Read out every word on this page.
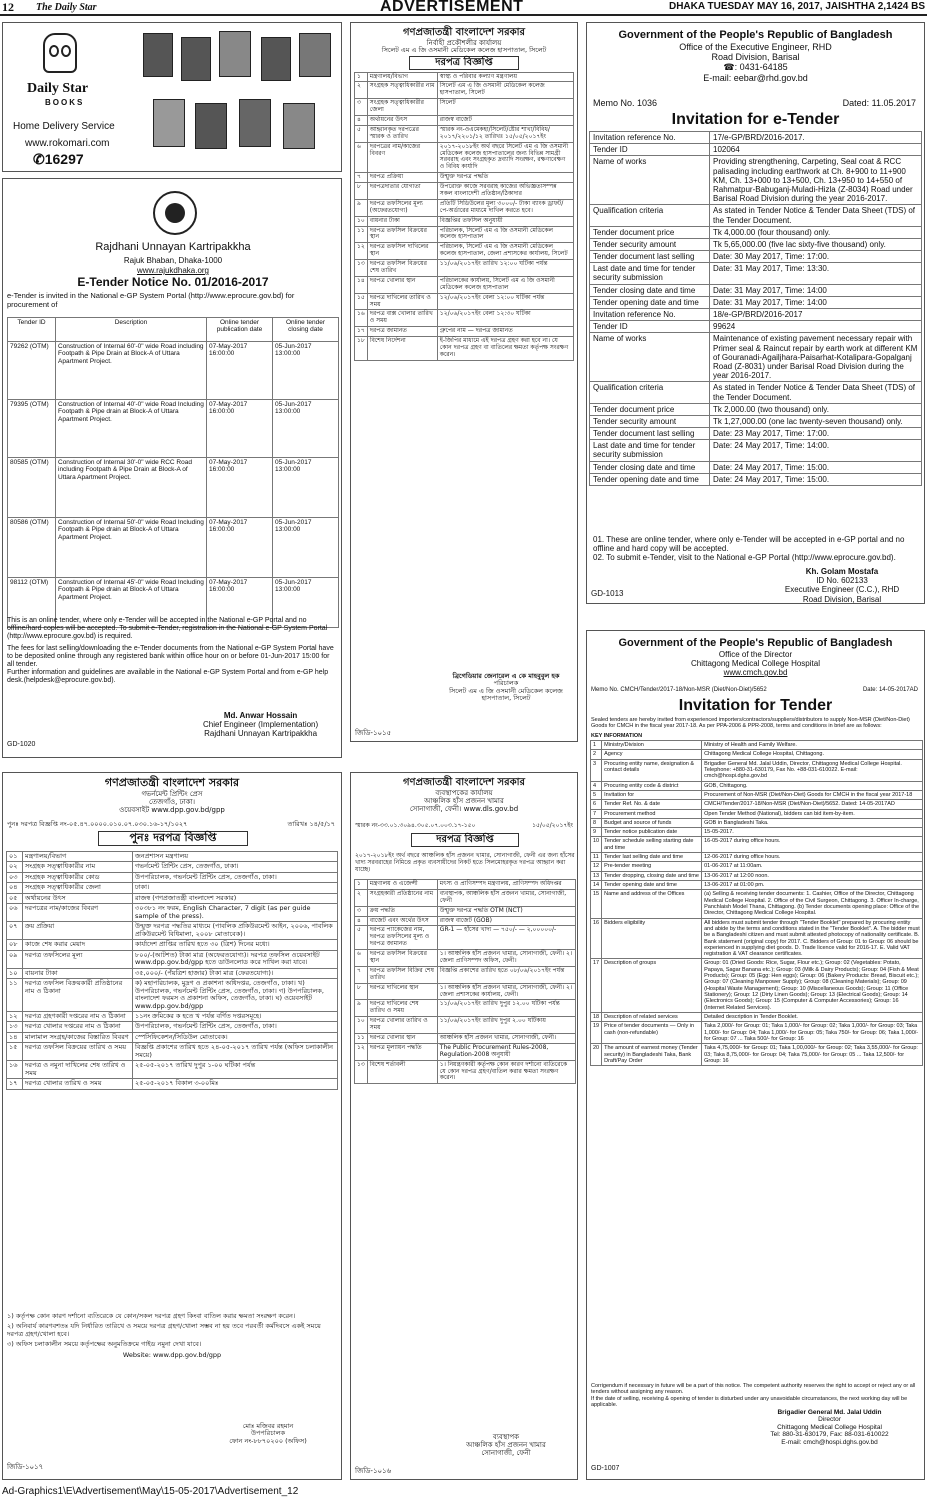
12 The Daily Star	ADVERTISEMENT	DHAKA TUESDAY MAY 16, 2017, JAISHTHA 2,1424 BS
Daily Star
BOOKS
Home Delivery Service
www.rokomari.com
✆16297
Rajdhani Unnayan Kartripakkha
Rajuk Bhaban, Dhaka-1000
www.rajukdhaka.org
E-Tender Notice No. 01/2016-2017
e-Tender is invited in the National e-GP System Portal (http://www.eprocure.gov.bd) for procurement of
Tender ID	Description	Online tender publication date	Online tender closing date
79262 (OTM)	Construction of Internal 60'-0" wide Road including Footpath & Pipe Drain at Block-A of Uttara Apartment Project.	07-May-2017 16:00:00	05-Jun-2017 13:00:00
79395 (OTM)	Construction of Internal 40'-0" wide Road Including Footpath & Pipe drain at Block-A of Uttara Apartment Project.	07-May-2017 16:00:00	05-Jun-2017 13:00:00
80585 (OTM)	Construction of Internal 30'-0" wide RCC Road including Footpath & Pipe Drain at Block-A of Uttara Apartment Project.	07-May-2017 16:00:00	05-Jun-2017 13:00:00
80586 (OTM)	Construction of Internal 50'-0" wide Road Including Footpath & Pipe drain at Block-A of Uttara Apartment Project.	07-May-2017 16:00:00	05-Jun-2017 13:00:00
98112 (OTM)	Construction of Internal 45'-0" wide Road Including Footpath & Pipe drain at Block-A of Uttara Apartment Project.	07-May-2017 16:00:00	05-Jun-2017 13:00:00

This is an online tender, where only e-Tender will be accepted in the National e-GP Portal and no offline/hard copies will be accepted. To submit e-Tender, registration in the National e-GP System Portal (http://www.eprocure.gov.bd) is required.

The fees for last selling/downloading the e-Tender documents from the National e-GP System Portal have to be deposited online through any registered bank within office hour on or before 01-Jun-2017 15:00 for all tender.

Further information and guidelines are available in the National e-GP System Portal and from e-GP help desk.(helpdesk@eprocure.gov.bd).

Md. Anwar Hossain
Chief Engineer (Implementation)
Rajdhani Unnayan Kartripakkha
GD-1020
গণপ্রজাতন্ত্রী বাংলাদেশ সরকার
নির্বাহী প্রকৌশলীর কার্যালয়
সিলেট এম এ জি ওসমানী মেডিকেল কলেজ হাসপাতাল, সিলেট
দরপত্র বিজ্ঞপ্তি
১	মন্ত্রণালয়/বিভাগ	স্বাস্থ্য ও পরিবার কল্যাণ মন্ত্রণালয়
২	সংগ্রহক সত্ত্বাধিকারীর নাম	সিলেট এম এ জি ওসমানী মেডিকেল কলেজ হাসপাতাল, সিলেট
৩	সংগ্রহক সত্ত্বাধিকারীর জেলা	সিলেট
৪	অর্থায়নের উৎস	রাজস্ব বাজেট
৫	আহ্বানকৃত দরপত্রের স্মারক ও তারিখ	স্মারক নং-ওএমেকহা/সিলেট/ষ্টোর শাখা/বিবিধ/২০১৭/২২০১/১২ তারিখঃ ১৫/০৫/২০১৭ইং
৬	দরপত্রের নাম/কাজের বিবরণ	২০১৭-২০১৮ইং অর্থ বছরে সিলেট এম এ জি ওসমানী মেডিকেল কলেজ হাসপাতালের জন্য বিভিন্ন সামগ্রী সরবরাহ এবং সংগ্রহকৃত দ্রব্যাদি সংরক্ষণ, রক্ষণাবেক্ষণ ও বিবিধ কার্যাদি
৭	দরপত্র প্রক্রিয়া	উন্মুক্ত দরপত্র পদ্ধতি
৮	দরপত্রদাতার যোগ্যতা	উপরোক্ত কাজে সরবরাহ কাজের অভিজ্ঞতাসম্পন্ন সকল বাংলাদেশী প্রতিষ্ঠান/ঠিকাদার
৯	দরপত্র তফসিলের মূল্য (অফেরতযোগ্য)	প্রতিটি সিডিউলের মূল্য ৩০০০/- টাকা ব্যাংক ড্রাফট/পে-অর্ডারের মাধ্যমে দাখিল করতে হবে।
১০	বায়নার টাকা	বিজ্ঞপ্তির তফসিল অনুযায়ী
১১	দরপত্র তফসিল বিক্রয়ের স্থান	পরিচালক, সিলেট এম এ জি ওসমানী মেডিকেল কলেজ হাসপাতাল
১২	দরপত্র তফসিল দাখিলের স্থান	পরিচালক, সিলেট এম এ জি ওসমানী মেডিকেল কলেজ হাসপাতাল, জেলা প্রশাসকের কার্যালয়, সিলেট
১৩	দরপত্র তফসিল বিক্রয়ের শেষ তারিখ	১১/০৬/২০১৭ইং তারিখ ১২:০০ ঘটিকা পর্যন্ত
১৪	দরপত্র খোলার স্থান	পরিচালকের কার্যালয়, সিলেট এম এ জি ওসমানী মেডিকেল কলেজ হাসপাতাল
১৫	দরপত্র দাখিলের তারিখ ও সময়	১২/০৬/২০১৭ইং বেলা ১২:০০ ঘটিকা পর্যন্ত
১৬	দরপত্র বাক্স খোলার তারিখ ও সময়	১২/০৬/২০১৭ইং বেলা ১২:৩০ ঘটিকা
১৭	দরপত্র জামানত	গ্রুপের নাম — দরপত্র জামানত
১৮	বিশেষ নির্দেশনা	ই-জিপির মাধ্যমে এই দরপত্র গ্রহণ করা হবে না। যে কোন দরপত্র গ্রহণ বা বাতিলের ক্ষমতা কর্তৃপক্ষ সংরক্ষণ করেন।
ব্রিগেডিয়ার জেনারেল এ কে মাহবুবুল হক
পরিচালক
সিলেট এম এ জি ওসমানী মেডিকেল কলেজ হাসপাতাল, সিলেট
জিডি-১০১৫
Government of the People's Republic of Bangladesh
Office of the Executive Engineer, RHD
Road Division, Barisal
☎: 0431-64185
E-mail: eebar@rhd.gov.bd
Memo No. 1036	Dated: 11.05.2017
Invitation for e-Tender
Invitation reference No.	17/e-GP/BRD/2016-2017.
Tender ID	102064
Name of works	Providing strengthening, Carpeting, Seal coat & RCC palisading including earthwork at Ch. 8+900 to 11+900 KM, Ch. 13+000 to 13+500, Ch. 13+950 to 14+550 of Rahmatpur-Babuganj-Muladi-Hizla (Z-8034) Road under Barisal Road Division during the year 2016-2017.
Qualification criteria	As stated in Tender Notice & Tender Data Sheet (TDS) of the Tender Document.
Tender document price	Tk 4,000.00 (four thousand) only.
Tender security amount	Tk 5,65,000.00 (five lac sixty-five thousand) only.
Tender document last selling	Date: 30 May 2017, Time: 17:00.
Last date and time for tender security submission	Date: 31 May 2017, Time: 13:30.
Tender closing date and time	Date: 31 May 2017, Time: 14:00
Tender opening date and time	Date: 31 May 2017, Time: 14:00
Invitation reference No.	18/e-GP/BRD/2016-2017
Tender ID	99624
Name of works	Maintenance of existing pavement necessary repair with Primer seal & Raincut repair by earth work at different KM of Gouranadi-Agailjhara-Paisarhat-Kotalipara-Gopalganj Road (Z-8031) under Barisal Road Division during the year 2016-2017.
Qualification criteria	As stated in Tender Notice & Tender Data Sheet (TDS) of the Tender Document.
Tender document price	Tk 2,000.00 (two thousand) only.
Tender security amount	Tk 1,27,000.00 (one lac twenty-seven thousand) only.
Tender document last selling	Date: 23 May 2017, Time: 17:00.
Last date and time for tender security submission	Date: 24 May 2017, Time: 14:00.
Tender closing date and time	Date: 24 May 2017, Time: 15:00.
Tender opening date and time	Date: 24 May 2017, Time: 15:00.

01. These are online tender, where only e-Tender will be accepted in e-GP portal and no offline and hard copy will be accepted.

02. To submit e-Tender, visit to the National e-GP Portal (http://www.eprocure.gov.bd).

Kh. Golam Mostafa
ID No. 602133
Executive Engineer (C.C.), RHD
Road Division, Barisal
GD-1013
গণপ্রজাতন্ত্রী বাংলাদেশ সরকার
গভর্নমেন্ট প্রিন্টিং প্রেস
তেজগাঁও, ঢাকা।
ওয়েবসাইট www.dpp.gov.bd/gpp
পুনঃ দরপত্র বিজ্ঞপ্তি নং-০৫.৪৭.০০০০.০১০.০৭.০৩০.১৬-১৭/১০২৭	তারিখঃ ১৪/৫/১৭
পুনঃ দরপত্র বিজ্ঞপ্তি
০১	মন্ত্রণালয়/বিভাগ	জনপ্রশাসন মন্ত্রণালয়
০২	সংগ্রহক সত্ত্বাধিকারীর নাম	গভর্নমেন্ট প্রিন্টিং প্রেস, তেজগাঁও, ঢাকা।
০৩	সংগ্রহক সত্ত্বাধিকারীর কোড	উপপরিচালক, গভর্নমেন্ট প্রিন্টিং প্রেস, তেজগাঁও, ঢাকা।
০৪	সংগ্রহক সত্ত্বাধিকারীর জেলা	ঢাকা।
০৫	অর্থায়নের উৎস	রাজস্ব (গণপ্রজাতন্ত্রী বাংলাদেশ সরকার)
০৬	দরপত্রের নাম/কাজের বিবরণ	৩০৩৮১ নং ফরম, English Character, 7 digit (as per guide sample of the press).
০৭	ক্রয় প্রক্রিয়া	উন্মুক্ত দরপত্র পদ্ধতির মাধ্যমে (পাবলিক প্রকিউরমেন্ট আইন, ২০০৬, পাবলিক প্রকিউরমেন্ট বিধিমালা, ২০০৮ মোতাবেক)।
০৮	কাজে শেষ করার মেয়াদ	কার্যাদেশ প্রাপ্তির তারিখ হতে ৩০ (ত্রিশ) দিনের মধ্যে।
০৯	দরপত্র তফসিলের মূল্য	৮০০/-(আটশত) টাকা মাত্র (অফেরতযোগ্য)। দরপত্র তফসিল ওয়েবসাইট www.dpp.gov.bd/gpp হতে ডাউনলোড করে দাখিল করা যাবে।
১০	বায়নার টাকা	৩৫,০০০/- (পঁয়ত্রিশ হাজার) টাকা মাত্র (ফেরতযোগ্য)।
১১	দরপত্র তফসিল বিক্রয়কারী প্রতিষ্ঠানের নাম ও ঠিকানা	ক) মহাপরিচালক, মুদ্রণ ও প্রকাশনা অধিদপ্তর, তেজগাঁও, ঢাকা। খ) উপপরিচালক, গভর্নমেন্ট প্রিন্টিং প্রেস, তেজগাঁও, ঢাকা। গ) উপপরিচালক, বাংলাদেশ ফরমস ও প্রকাশনা অফিস, তেজগাঁও, ঢাকা। ঘ) ওয়েবসাইট www.dpp.gov.bd/gpp
১২	দরপত্র গ্রহণকারী দপ্তরের নাম ও ঠিকানা	১১নং ক্রমিকের ক হতে খ পর্যন্ত বর্ণিত দপ্তরসমূহে।
১৩	দরপত্র খোলার দপ্তরের নাম ও ঠিকানা	উপপরিচালক, গভর্নমেন্ট প্রিন্টিং প্রেস, তেজগাঁও, ঢাকা।
১৪	মালামাল সংগ্রহ/কাজের বিস্তারিত বিবরণ	স্পেসিফিকেশন/সিডিউল মোতাবেক।
১৫	দরপত্র তফসিল বিক্রয়ের তারিখ ও সময়	বিজ্ঞপ্তি প্রকাশের তারিখ হতে ২৪-০৫-২০১৭ তারিখ পর্যন্ত (অফিস চলাকালীন সময়ে)
১৬	দরপত্র ও নমুনা দাখিলের শেষ তারিখ ও সময়	২৫-০৫-২০১৭ তারিখ দুপুর ১-০০ ঘটিকা পর্যন্ত
১৭	দরপত্র খোলার তারিখ ও সময়	২৫-০৫-২০১৭ বিকাল ৩-০০মিঃ

১) কর্তৃপক্ষ কোন কারণ দর্শানো ব্যতিরেকে যে কোন/সকল দরপত্র গ্রহণ কিংবা বাতিল করার ক্ষমতা সংরক্ষণ করেন।

২) অনিবার্য কারণবশতঃ যদি নির্ধারিত তারিখে ও সময়ে দরপত্র গ্রহণ/খোলা সম্ভব না হয় তবে পরবর্তী কর্মদিবসে একই সময়ে দরপত্র গ্রহণ/খোলা হবে।

৩) অফিস চলাকালীন সময়ে কর্তৃপক্ষের অনুমতিক্রমে গাইড নমুনা দেখা যাবে।

Website: www.dpp.gov.bd/gpp

মোঃ মজিবর রহমান
উপপরিচালক
ফোন নং-৮৮৭০২০০ (অফিস)
জিডি-১০১৭
গণপ্রজাতন্ত্রী বাংলাদেশ সরকার
ব্যবস্থাপকের কার্যালয়
আঞ্চলিক হাঁস প্রজনন খামার
সোনাগাজী, ফেনী। www.dls.gov.bd
স্মারক নং-৩৩.০১.৩০৯৪.৩০৫.০৭.০০৩.১৭-১৫০	১৫/০৫/২০১৭ইং
দরপত্র বিজ্ঞপ্তি
২০১৭-২০১৮ইং অর্থ বছরে আঞ্চলিক হাঁস প্রজনন খামার, সোনাগাজী, ফেনী এর জন্য হাঁসের খাদ্য সরবরাহের নিমিত্তে প্রকৃত ব্যবসায়ীদের নিকট হতে সিলমোহরকৃত দরপত্র আহ্বান করা যাচ্ছে।
১	মন্ত্রণালয় ও এজেন্সী	মৎস্য ও প্রাণিসম্পদ মন্ত্রণালয়, প্রাণিসম্পদ অধিদপ্তর
২	সংগ্রহকারী প্রতিষ্ঠানের নাম	ব্যবস্থাপক, আঞ্চলিক হাঁস প্রজনন খামার, সোনাগাজী, ফেনী
৩	ক্রয় পদ্ধতি	উন্মুক্ত দরপত্র পদ্ধতি OTM (NCT)
৪	বাজেট এবং অর্থের উৎস	রাজস্ব বাজেট (GOB)
৫	দরপত্র প্যাকেজের নাম, দরপত্র তফসিলের মূল্য ও দরপত্র জামানত	GR-1 — হাঁসের খাদ্য — ৭৫০/- — ২,০০০০০/-
৬	দরপত্র তফসিল বিক্রয়ের স্থান	১। আঞ্চলিক হাঁস প্রজনন খামার, সোনাগাজী, ফেনী। ২। জেলা প্রাণিসম্পদ অফিস, ফেনী।
৭	দরপত্র তফসিল বিক্রির শেষ তারিখ	বিজ্ঞপ্তি প্রকাশের তারিখ হতে ০৮/০৬/২০১৭ইং পর্যন্ত
৮	দরপত্র দাখিলের স্থান	১। আঞ্চলিক হাঁস প্রজনন খামার, সোনাগাজী, ফেনী। ২। জেলা প্রশাসকের কার্যালয়, ফেনী।
৯	দরপত্র দাখিলের শেষ তারিখ ও সময়	১১/০৬/২০১৭ইং তারিখ দুপুর ১২.০০ ঘটিকা পর্যন্ত
১০	দরপত্র খোলার তারিখ ও সময়	১১/০৬/২০১৭ইং তারিখ দুপুর ২.০০ ঘটিকায়
১১	দরপত্র খোলার স্থান	আঞ্চলিক হাঁস প্রজনন খামার, সোনাগাজী, ফেনী।
১২	দরপত্র মূল্যায়ন পদ্ধতি	The Public Procurement Rules-2008, Regulation-2008 অনুযায়ী
১৩	বিশেষ শর্তাবলী	১। নিয়ন্ত্রণকারী কর্তৃপক্ষ কোন কারণ দর্শানো ব্যতিরেকে যে কোন দরপত্র গ্রহণ/বাতিল করার ক্ষমতা সংরক্ষণ করেন।
ব্যবস্থাপক
আঞ্চলিক হাঁস প্রজনন খামার
সোনাগাজী, ফেনী
জিডি-১০১৬
Government of the People's Republic of Bangladesh
Office of the Director
Chittagong Medical College Hospital
www.cmch.gov.bd
Memo No. CMCH/Tender/2017-18/Non-MSR (Diet/Non-Diet)/5652	Date: 14-05-2017AD
Invitation for Tender
Sealed tenders are hereby invited from experienced importers/contractors/suppliers/distributors to supply Non-MSR (Diet/Non-Diet) Goods for CMCH in the fiscal year 2017-18. As per PPA-2006 & PPR-2008, terms and conditions in brief are as follows:
KEY INFORMATION
1	Ministry/Division	Ministry of Health and Family Welfare.
2	Agency	Chittagong Medical College Hospital, Chittagong.
3	Procuring entity name, designation & contact details	Brigadier General Md. Jalal Uddin, Director, Chittagong Medical College Hospital. Telephone: +880-31-630179, Fax No. +88-031-610022. E-mail: cmch@hospi.dghs.gov.bd
4	Procuring entity code & district	GOB, Chittagong.
5	Invitation for	Procurement of Non-MSR (Diet/Non-Diet) Goods for CMCH in the fiscal year 2017-18
6	Tender Ref. No. & date	CMCH/Tender/2017-18/Non-MSR (Diet/Non-Diet)/5652. Dated: 14-05-2017AD
7	Procurement method	Open Tender Method (National), bidders can bid item-by-item.
8	Budget and source of funds	GOB in Bangladeshi Taka.
9	Tender notice publication date	15-05-2017.
10	Tender schedule selling starting date and time	16-05-2017 during office hours.
11	Tender last selling date and time	12-06-2017 during office hours.
12	Pre-tender meeting	01-06-2017 at 11:00am.
13	Tender dropping, closing date and time	13-06-2017 at 12:00 noon.
14	Tender opening date and time	13-06-2017 at 01:00 pm.
15	Name and address of the Offices	(a) Selling & receiving tender documents: 1. Cashier, Office of the Director, Chittagong Medical College Hospital. 2. Office of the Civil Surgeon, Chittagong. 3. Officer In-charge, Panchlaish Model Thana, Chittagong. (b) Tender documents opening place: Office of the Director, Chittagong Medical College Hospital.
16	Bidders eligibility	All bidders must submit tender through "Tender Booklet" prepared by procuring entity and abide by the terms and conditions stated in the "Tender Booklet". A. The bidder must be a Bangladeshi citizen and must submit attested photocopy of nationality certificate. B. Bank statement (original copy) for 2017. C. Bidders of Group: 01 to Group: 06 should be experienced in supplying diet goods. D. Trade licence valid for 2016-17. E. Valid VAT registration & VAT clearance certificates.
17	Description of groups	Group: 01 (Dried Goods: Rice, Sugar, Flour etc.); Group: 02 (Vegetables: Potato, Papaya, Sagar Banana etc.); Group: 03 (Milk & Dairy Products); Group: 04 (Fish & Meat Products); Group: 05 (Egg: Hen eggs); Group: 06 (Bakery Products: Bread, Biscuit etc.); Group: 07 (Cleaning Manpower Supply); Group: 08 (Cleaning Materials); Group: 09 (Hospital Waste Management); Group: 10 (Miscellaneous Goods); Group: 11 (Office Stationery); Group: 12 (Dirty Linen Goods); Group: 13 (Electrical Goods); Group: 14 (Electronics Goods); Group: 15 (Computer & Computer Accessories); Group: 16 (Internet Related Services).
18	Description of related services	Detailed description in Tender Booklet.
19	Price of tender documents — Only in cash (non-refundable)	Taka 2,000/- for Group: 01; Taka 1,000/- for Group: 02; Taka 1,000/- for Group: 03; Taka 1,000/- for Group: 04; Taka 1,000/- for Group: 05; Taka 750/- for Group: 06; Taka 1,000/- for Group: 07 ... Taka 500/- for Group: 16
20	The amount of earnest money (Tender security) in Bangladeshi Taka, Bank Draft/Pay Order	Taka 4,75,000/- for Group: 01; Taka 1,00,000/- for Group: 02; Taka 3,55,000/- for Group: 03; Taka 8,75,000/- for Group: 04; Taka 75,000/- for Group: 05 ... Taka 12,500/- for Group: 16

Corrigendum if necessary in future will be a part of this notice. The competent authority reserves the right to accept or reject any or all tenders without assigning any reason.

If the date of selling, receiving & opening of tender is disturbed under any unavoidable circumstances, the next working day will be applicable.

Brigadier General Md. Jalal Uddin
Director
Chittagong Medical College Hospital
Tel: 880-31-630179, Fax: 88-031-610022
E-mail: cmch@hospi.dghs.gov.bd
GD-1007
Ad-Graphics1\E\Advertisement\May\15-05-2017\Advertisement_12
